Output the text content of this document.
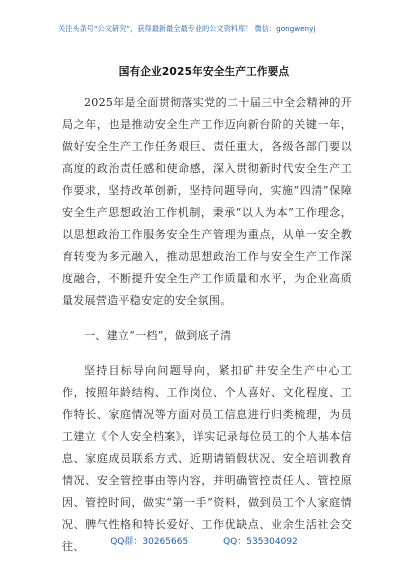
关注头条号“公文研究”，获得最新最全最专业的公文资料库！ 微信：gongwenyj
国有企业2025年安全生产工作要点

2025年是全面贯彻落实党的二十届三中全会精神的开局之年，也是推动安全生产工作迈向新台阶的关键一年，做好安全生产工作任务艰巨、责任重大，各级各部门要以高度的政治责任感和使命感，深入贯彻新时代安全生产工作要求，坚持改革创新，坚持问题导向，实施“四清”保障安全生产思想政治工作机制，秉承“以人为本”工作理念，以思想政治工作服务安全生产管理为重点，从单一安全教育转变为多元融入，推动思想政治工作与安全生产工作深度融合，不断提升安全生产工作质量和水平，为企业高质量发展营造平稳安定的安全氛围。

一、建立“一档”，做到底子清

坚持目标导向问题导向，紧扣矿井安全生产中心工作，按照年龄结构、工作岗位、个人喜好、文化程度、工作特长、家庭情况等方面对员工信息进行归类梳理，为员工建立《个人安全档案》，详实记录每位员工的个人基本信息、家庭成员联系方式、近期请销假状况、安全培训教育情况、安全管控事由等内容，并明确管控责任人、管控原因、管控时间，做实“第一手”资料，做到员工个人家庭情况、脾气性格和特长爱好、工作优缺点、业余生活社会交往、	QQ群：30265665	QQ：535304092
